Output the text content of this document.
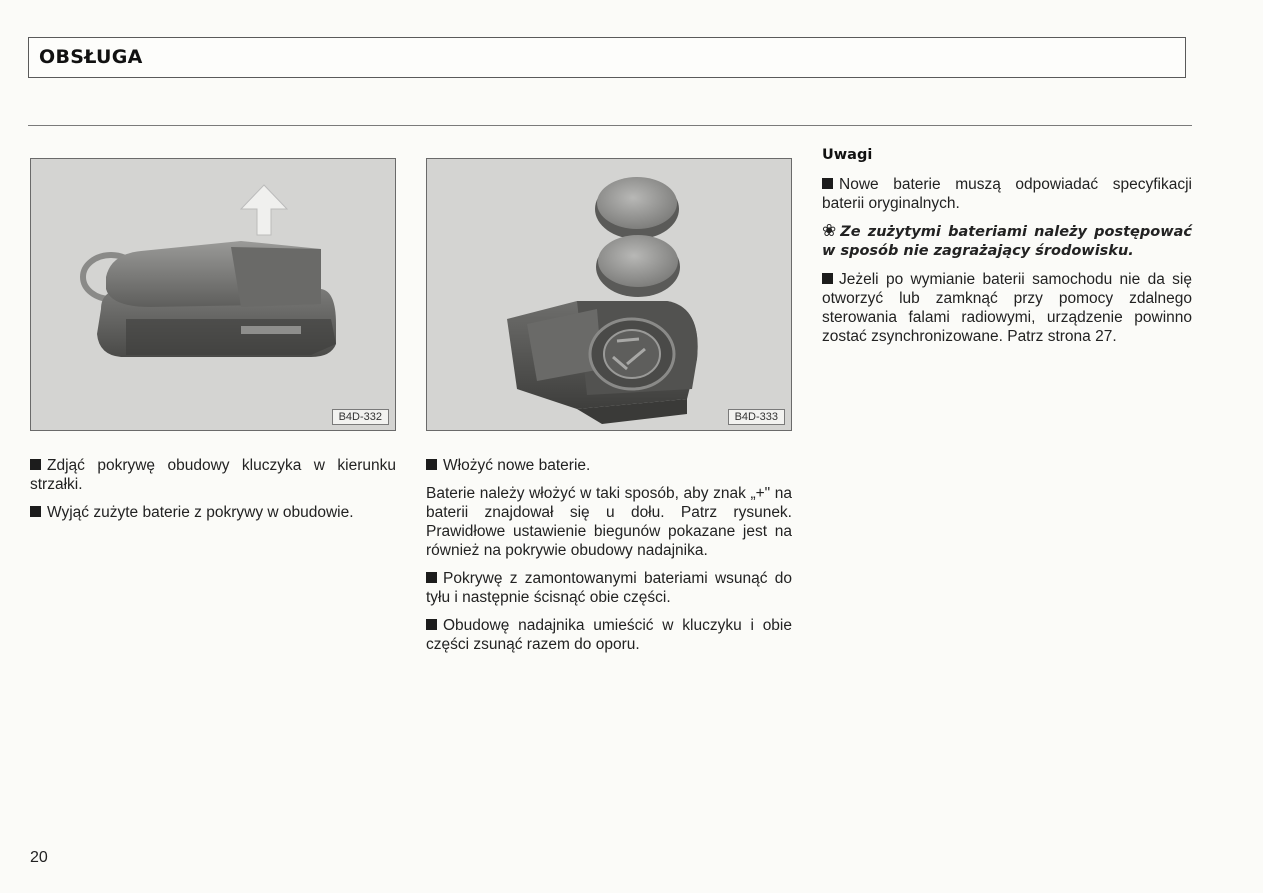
OBSŁUGA
B4D-332	B4D-333

Zdjąć pokrywę obudowy kluczyka w kierunku strzałki.

Wyjąć zużyte baterie z pokrywy w obudowie.

Włożyć nowe baterie.

Baterie należy włożyć w taki sposób, aby znak „+" na baterii znajdował się u dołu. Patrz rysunek. Prawidłowe ustawienie biegunów pokazane jest na również na pokrywie obudowy nadajnika.

Pokrywę z zamontowanymi bateriami wsunąć do tyłu i następnie ścisnąć obie części.

Obudowę nadajnika umieścić w kluczyku i obie części zsunąć razem do oporu.

Uwagi

Nowe baterie muszą odpowiadać specyfikacji baterii oryginalnych.

❀ Ze zużytymi bateriami należy postępować w sposób nie zagrażający środowisku.

Jeżeli po wymianie baterii samochodu nie da się otworzyć lub zamknąć przy pomocy zdalnego sterowania falami radiowymi, urządzenie powinno zostać zsynchronizowane. Patrz strona 27.

20
